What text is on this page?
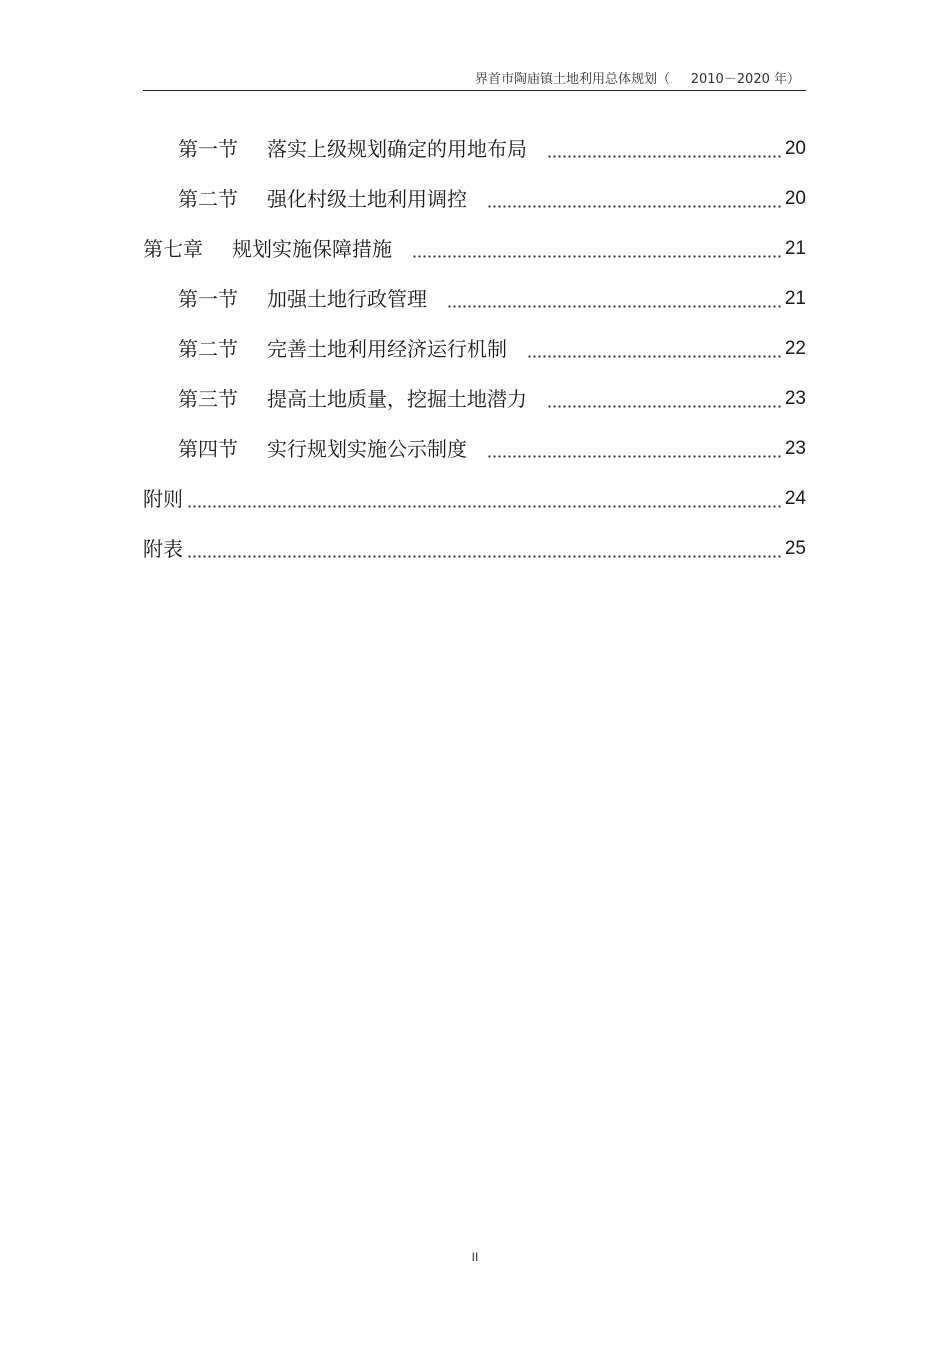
界首市陶庙镇土地利用总体规划（     2010－2020 年）
第一节	落实上级规划确定的用地布局	20
第二节	强化村级土地利用调控	20
第七章	规划实施保障措施	21
第一节	加强土地行政管理	21
第二节	完善土地利用经济运行机制	22
第三节	提高土地质量，挖掘土地潜力	23
第四节	实行规划实施公示制度	23
附则	24
附表	25
II
